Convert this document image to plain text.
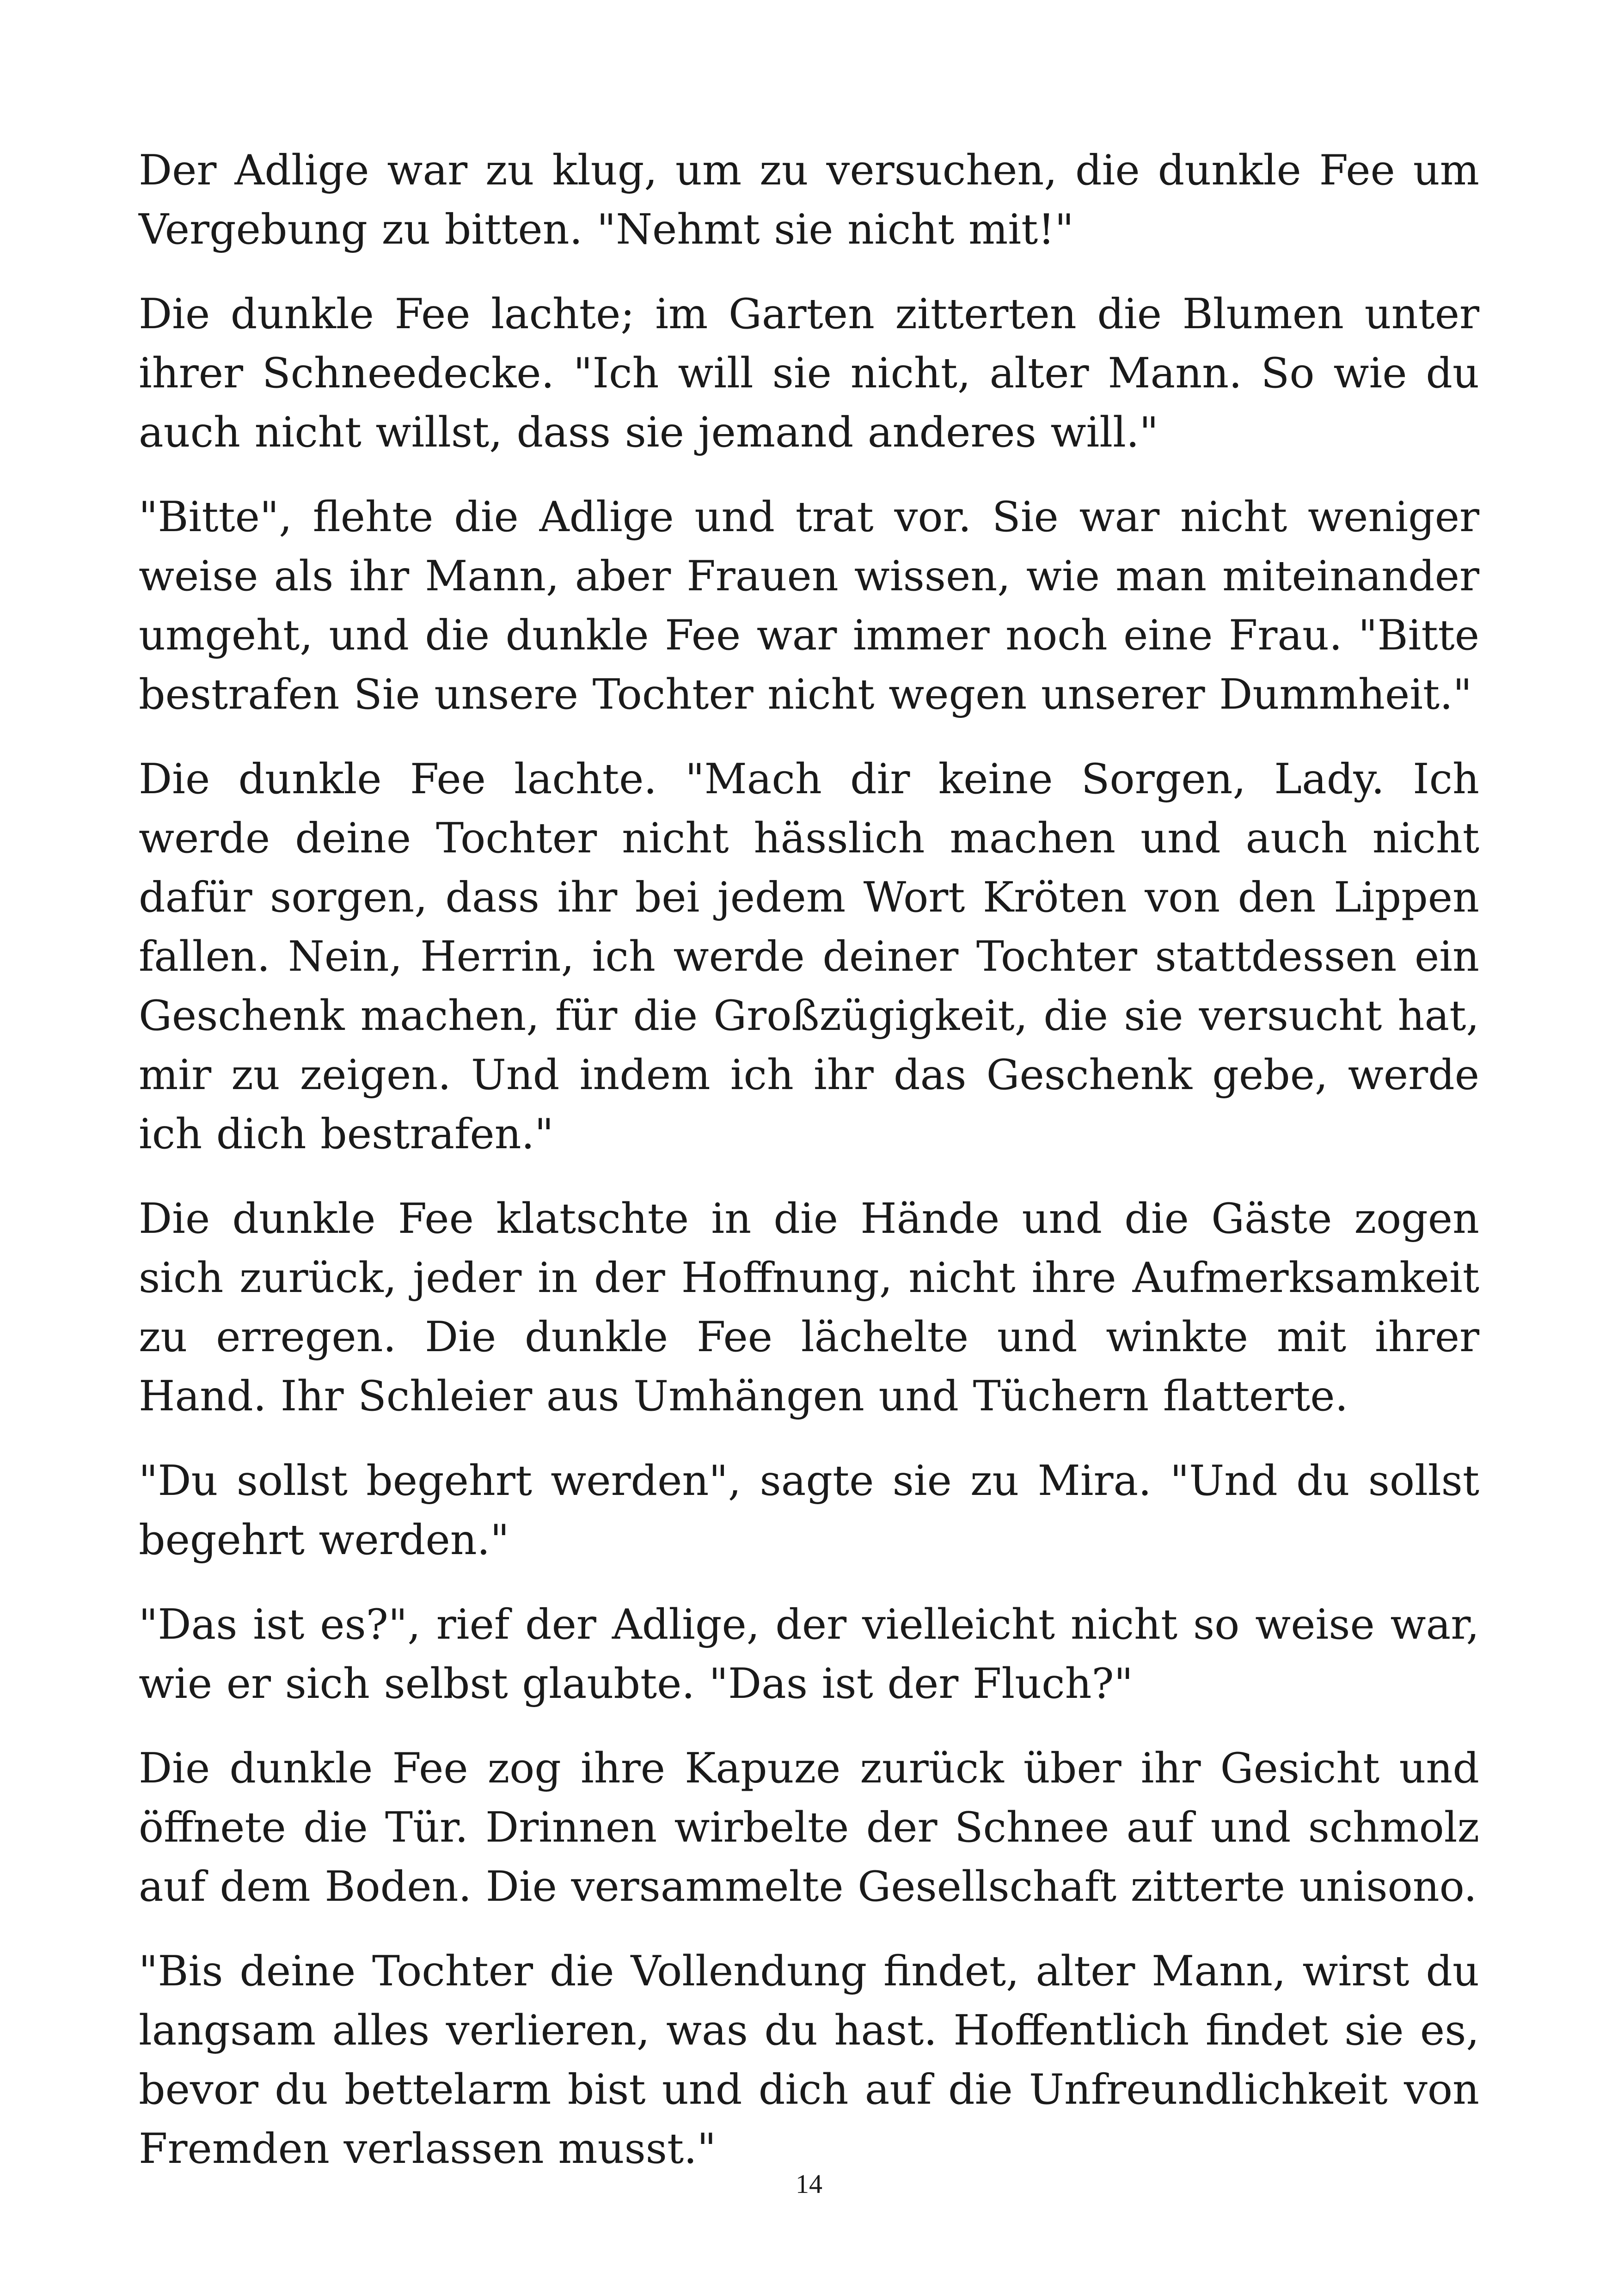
Der Adlige war zu klug, um zu versuchen, die dunkle Fee um Vergebung zu bitten. "Nehmt sie nicht mit!"

Die dunkle Fee lachte; im Garten zitterten die Blumen unter ihrer Schneedecke. "Ich will sie nicht, alter Mann. So wie du auch nicht willst, dass sie jemand anderes will."

"Bitte", flehte die Adlige und trat vor. Sie war nicht weniger weise als ihr Mann, aber Frauen wissen, wie man miteinander umgeht, und die dunkle Fee war immer noch eine Frau. "Bitte bestrafen Sie unsere Tochter nicht wegen unserer Dummheit."

Die dunkle Fee lachte. "Mach dir keine Sorgen, Lady. Ich werde deine Tochter nicht hässlich machen und auch nicht dafür sorgen, dass ihr bei jedem Wort Kröten von den Lippen fallen. Nein, Herrin, ich werde deiner Tochter stattdessen ein Geschenk machen, für die Großzügigkeit, die sie versucht hat, mir zu zeigen. Und indem ich ihr das Geschenk gebe, werde ich dich bestrafen."

Die dunkle Fee klatschte in die Hände und die Gäste zogen sich zurück, jeder in der Hoffnung, nicht ihre Aufmerksamkeit zu erregen. Die dunkle Fee lächelte und winkte mit ihrer Hand. Ihr Schleier aus Umhängen und Tüchern flatterte.

"Du sollst begehrt werden", sagte sie zu Mira. "Und du sollst begehrt werden."

"Das ist es?", rief der Adlige, der vielleicht nicht so weise war, wie er sich selbst glaubte. "Das ist der Fluch?"

Die dunkle Fee zog ihre Kapuze zurück über ihr Gesicht und öffnete die Tür. Drinnen wirbelte der Schnee auf und schmolz auf dem Boden. Die versammelte Gesellschaft zitterte unisono.

"Bis deine Tochter die Vollendung findet, alter Mann, wirst du langsam alles verlieren, was du hast. Hoffentlich findet sie es, bevor du bettelarm bist und dich auf die Unfreundlichkeit von Fremden verlassen musst."

14
